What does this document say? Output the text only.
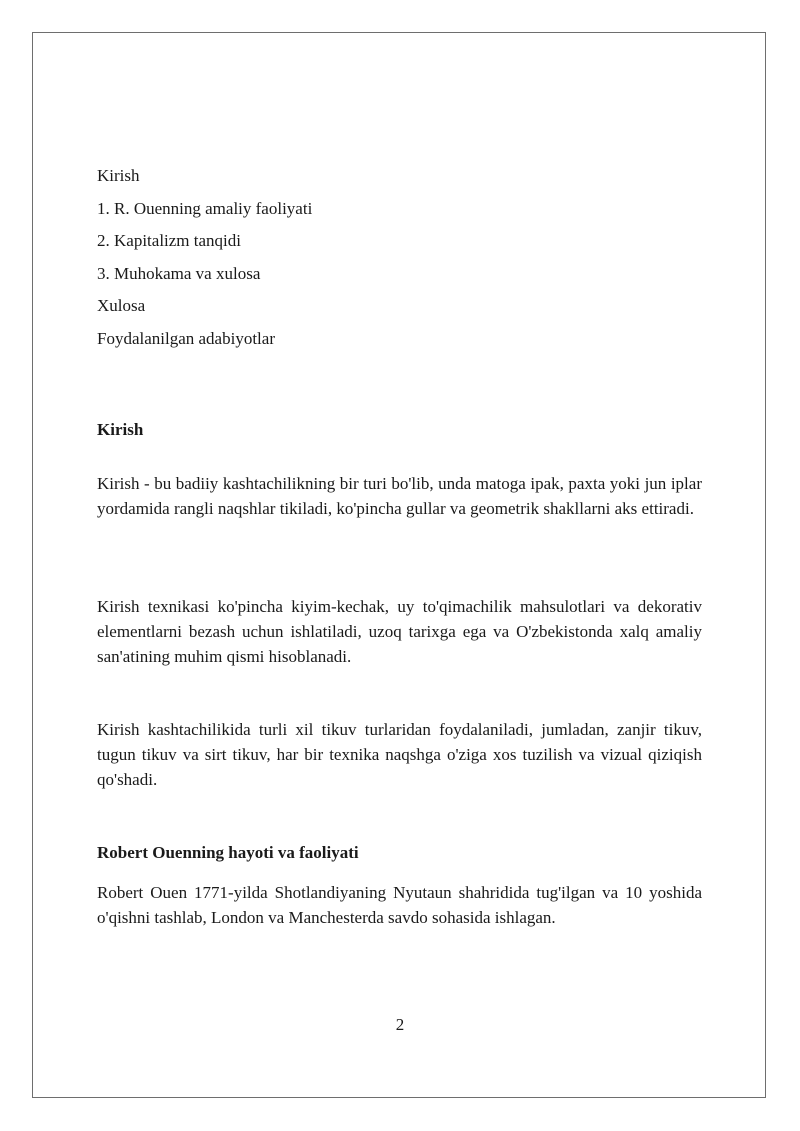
Kirish
1. R. Ouenning amaliy faoliyati
2. Kapitalizm tanqidi
3. Muhokama va xulosa
Xulosa
Foydalanilgan adabiyotlar
Kirish

Kirish - bu badiiy kashtachilikning bir turi bo'lib, unda matoga ipak, paxta yoki jun iplar yordamida rangli naqshlar tikiladi, ko'pincha gullar va geometrik shakllarni aks ettiradi.

Kirish texnikasi ko'pincha kiyim-kechak, uy to'qimachilik mahsulotlari va dekorativ elementlarni bezash uchun ishlatiladi, uzoq tarixga ega va O'zbekistonda xalq amaliy san'atining muhim qismi hisoblanadi.

Kirish kashtachilikida turli xil tikuv turlaridan foydalaniladi, jumladan, zanjir tikuv, tugun tikuv va sirt tikuv, har bir texnika naqshga o'ziga xos tuzilish va vizual qiziqish qo'shadi.

Robert Ouenning hayoti va faoliyati

Robert Ouen 1771-yilda Shotlandiyaning Nyutaun shahridida tug'ilgan va 10 yoshida o'qishni tashlab, London va Manchesterda savdo sohasida ishlagan.

2
